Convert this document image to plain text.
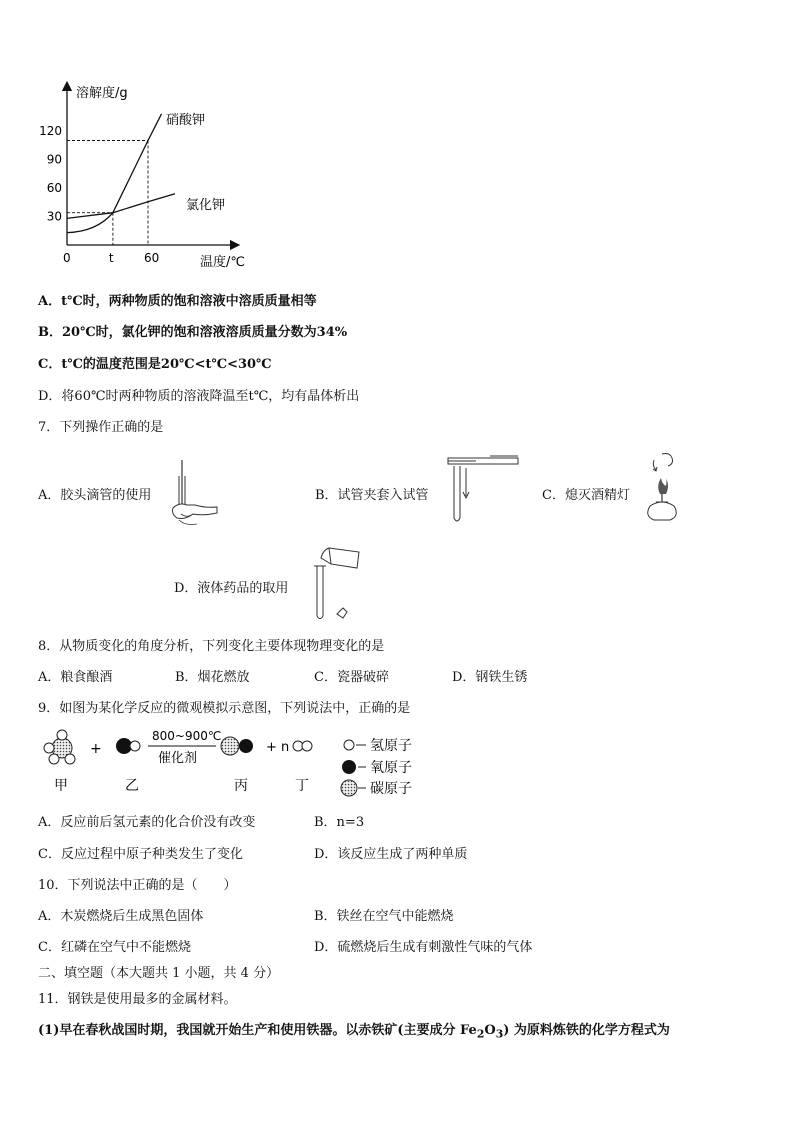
0	t	60
30
60
90
120
溶解度/g
温度/℃
硝酸钾
氯化钾
A．t℃时，两种物质的饱和溶液中溶质质量相等
B．20℃时，氯化钾的饱和溶液溶质质量分数为34%
C．t℃的温度范围是20℃<t℃<30℃
D．将60℃时两种物质的溶液降温至t℃，均有晶体析出
7．下列操作正确的是
A．胶头滴管的使用	B．试管夹套入试管	C．熄灭酒精灯
D．液体药品的取用
8．从物质变化的角度分析，下列变化主要体现物理变化的是
A．粮食酿酒	B．烟花燃放	C．瓷器破碎	D．钢铁生锈
9．如图为某化学反应的微观模拟示意图，下列说法中，正确的是
+
800~900℃
催化剂
+ n
甲	乙	丙	丁
氢原子
氧原子
碳原子
A．反应前后氢元素的化合价没有改变	B．n=3
C．反应过程中原子种类发生了变化	D．该反应生成了两种单质
10．下列说法中正确的是（　　）
A．木炭燃烧后生成黑色固体	B．铁丝在空气中能燃烧
C．红磷在空气中不能燃烧	D．硫燃烧后生成有刺激性气味的气体
二、填空题（本大题共 1 小题，共 4 分）
11．钢铁是使用最多的金属材料。
(1)早在春秋战国时期，我国就开始生产和使用铁器。以赤铁矿(主要成分 $Fe_2O_3$) 为原料炼铁的化学方程式为
